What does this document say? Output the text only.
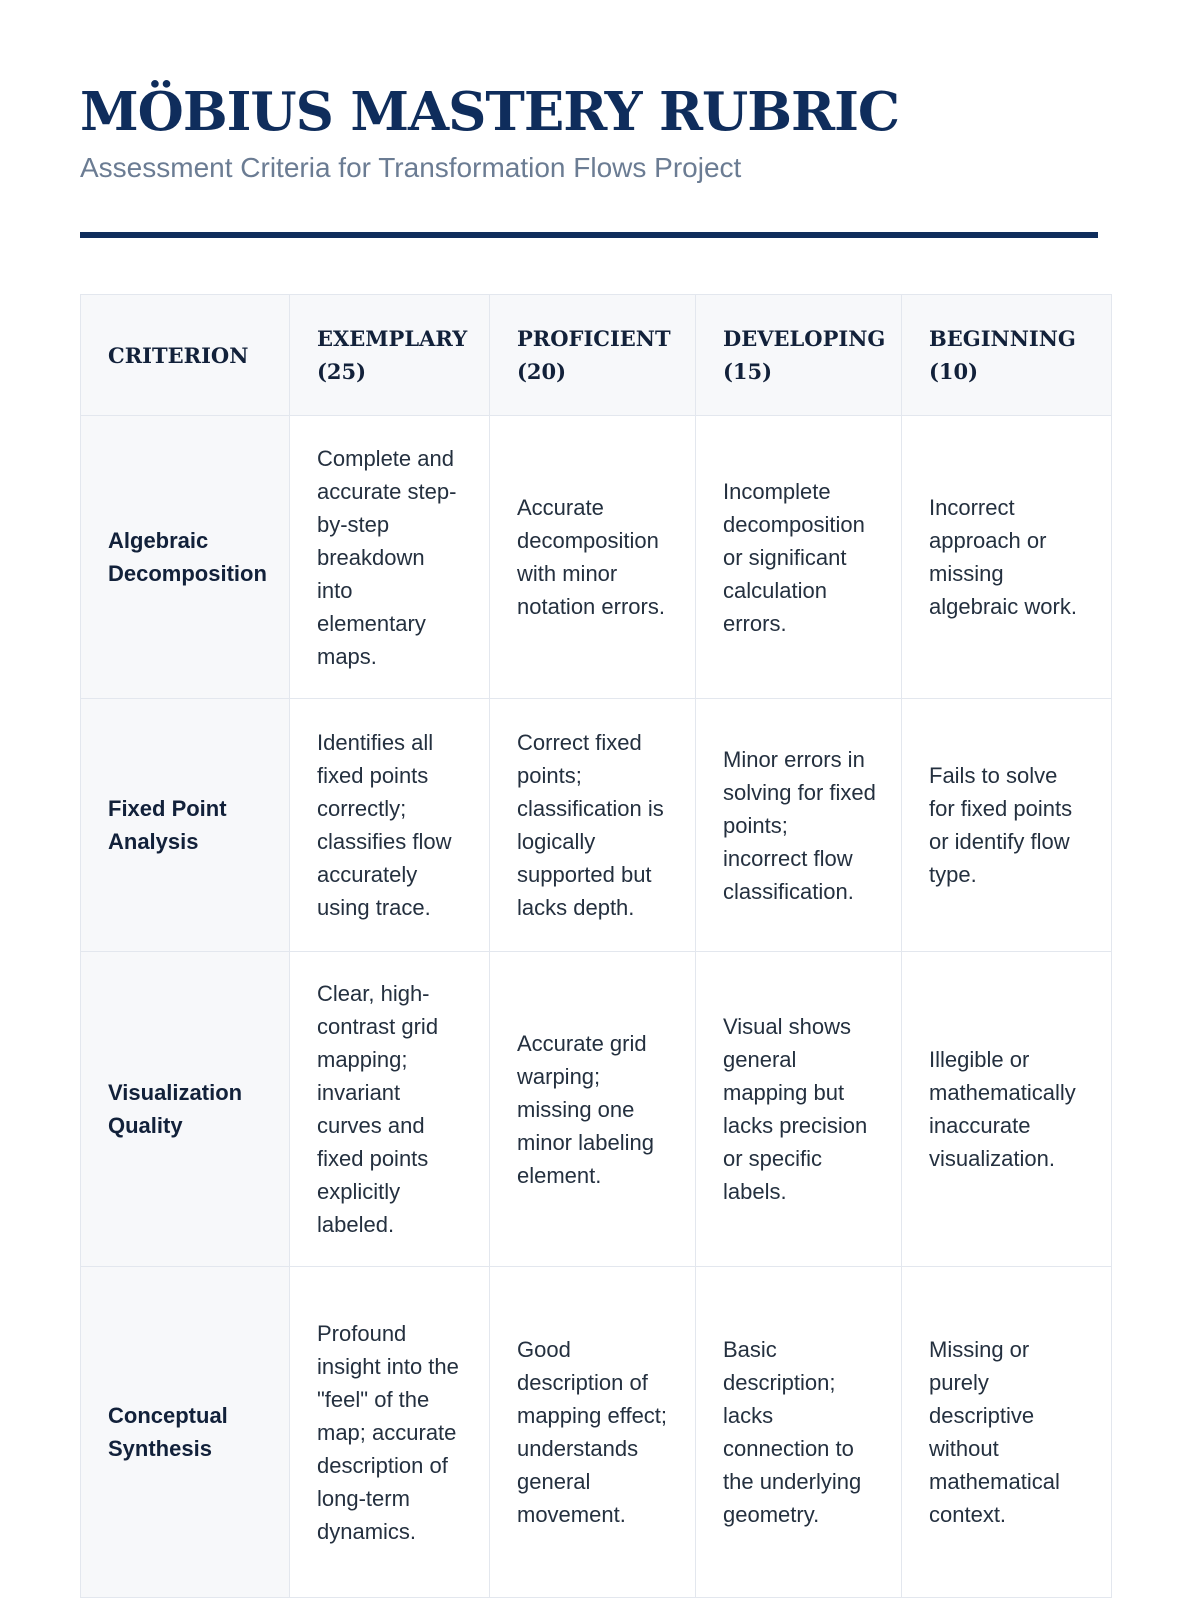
MÖBIUS MASTERY RUBRIC

Assessment Criteria for Transformation Flows Project

CRITERION	EXEMPLARY (25)	PROFICIENT (20)	DEVELOPING (15)	BEGINNING (10)
Algebraic Decomposition	Complete and accurate step-by-step breakdown into elementary maps.	Accurate decomposition with minor notation errors.	Incomplete decomposition or significant calculation errors.	Incorrect approach or missing algebraic work.
Fixed Point Analysis	Identifies all fixed points correctly; classifies flow accurately using trace.	Correct fixed points; classification is logically supported but lacks depth.	Minor errors in solving for fixed points; incorrect flow classification.	Fails to solve for fixed points or identify flow type.
Visualization Quality	Clear, high-contrast grid mapping; invariant curves and fixed points explicitly labeled.	Accurate grid warping; missing one minor labeling element.	Visual shows general mapping but lacks precision or specific labels.	Illegible or mathematically inaccurate visualization.
Conceptual Synthesis	Profound insight into the "feel" of the map; accurate description of long-term dynamics.	Good description of mapping effect; understands general movement.	Basic description; lacks connection to the underlying geometry.	Missing or purely descriptive without mathematical context.
